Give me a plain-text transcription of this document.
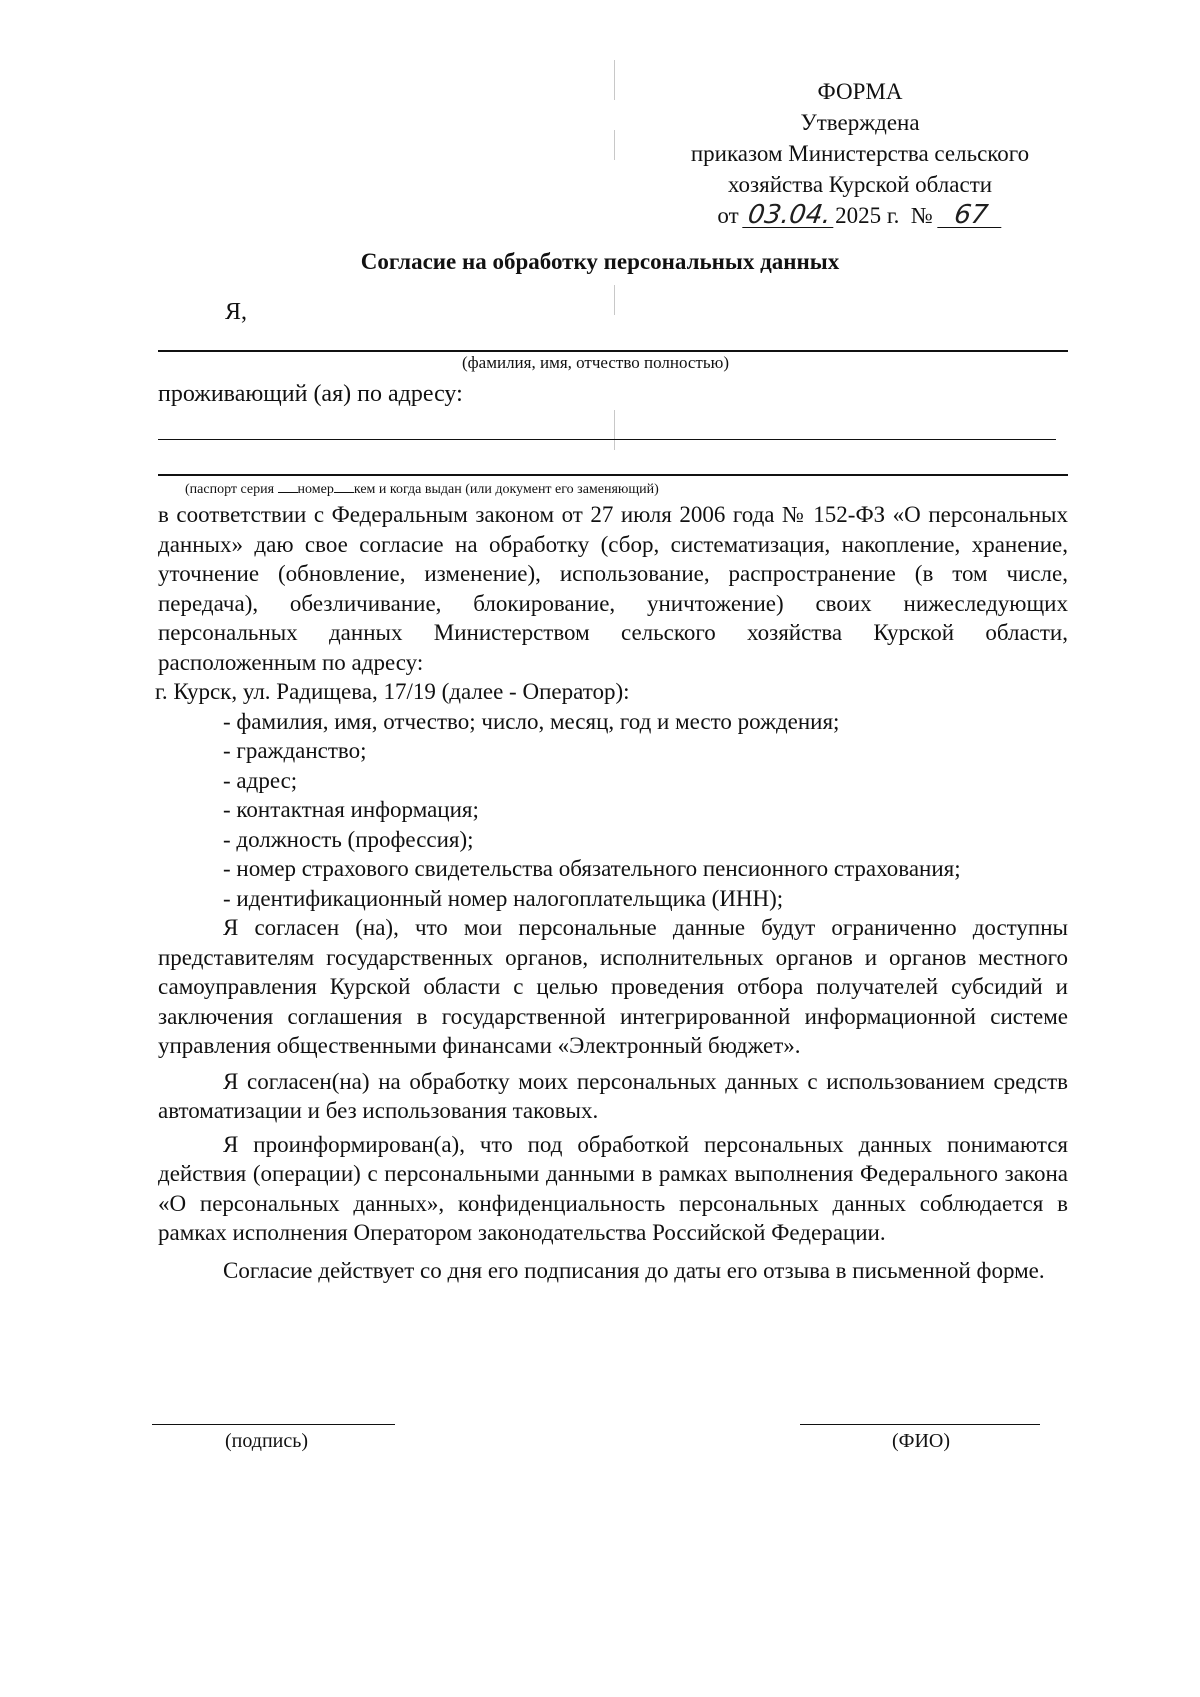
ФОРМА
Утверждена
приказом Министерства сельского
хозяйства Курской области
от 03.04.2025 г. № 67
Согласие на обработку персональных данных
Я,
(фамилия, имя, отчество полностью)
проживающий (ая) по адресу:
(паспорт серия номер кем и когда выдан (или документ его заменяющий)

в соответствии с Федеральным законом от 27 июля 2006 года № 152-ФЗ «О персональных данных» даю свое согласие на обработку (сбор, систематизация, накопление, хранение, уточнение (обновление, изменение), использование, распространение (в том числе, передача), обезличивание, блокирование, уничтожение) своих нижеследующих персональных данных Министерством сельского хозяйства Курской области, расположенным по адресу:

г. Курск, ул. Радищева, 17/19 (далее - Оператор):

- фамилия, имя, отчество; число, месяц, год и место рождения;
- гражданство;
- адрес;
- контактная информация;
- должность (профессия);
- номер страхового свидетельства обязательного пенсионного страхования;
- идентификационный номер налогоплательщика (ИНН);

Я согласен (на), что мои персональные данные будут ограниченно доступны представителям государственных органов, исполнительных органов и органов местного самоуправления Курской области с целью проведения отбора получателей субсидий и заключения соглашения в государственной интегрированной информационной системе управления общественными финансами «Электронный бюджет».

Я согласен(на) на обработку моих персональных данных с использованием средств автоматизации и без использования таковых.

Я проинформирован(а), что под обработкой персональных данных понимаются действия (операции) с персональными данными в рамках выполнения Федерального закона «О персональных данных», конфиденциальность персональных данных соблюдается в рамках исполнения Оператором законодательства Российской Федерации.

Согласие действует со дня его подписания до даты его отзыва в письменной форме.

(подпись)	(ФИО)
